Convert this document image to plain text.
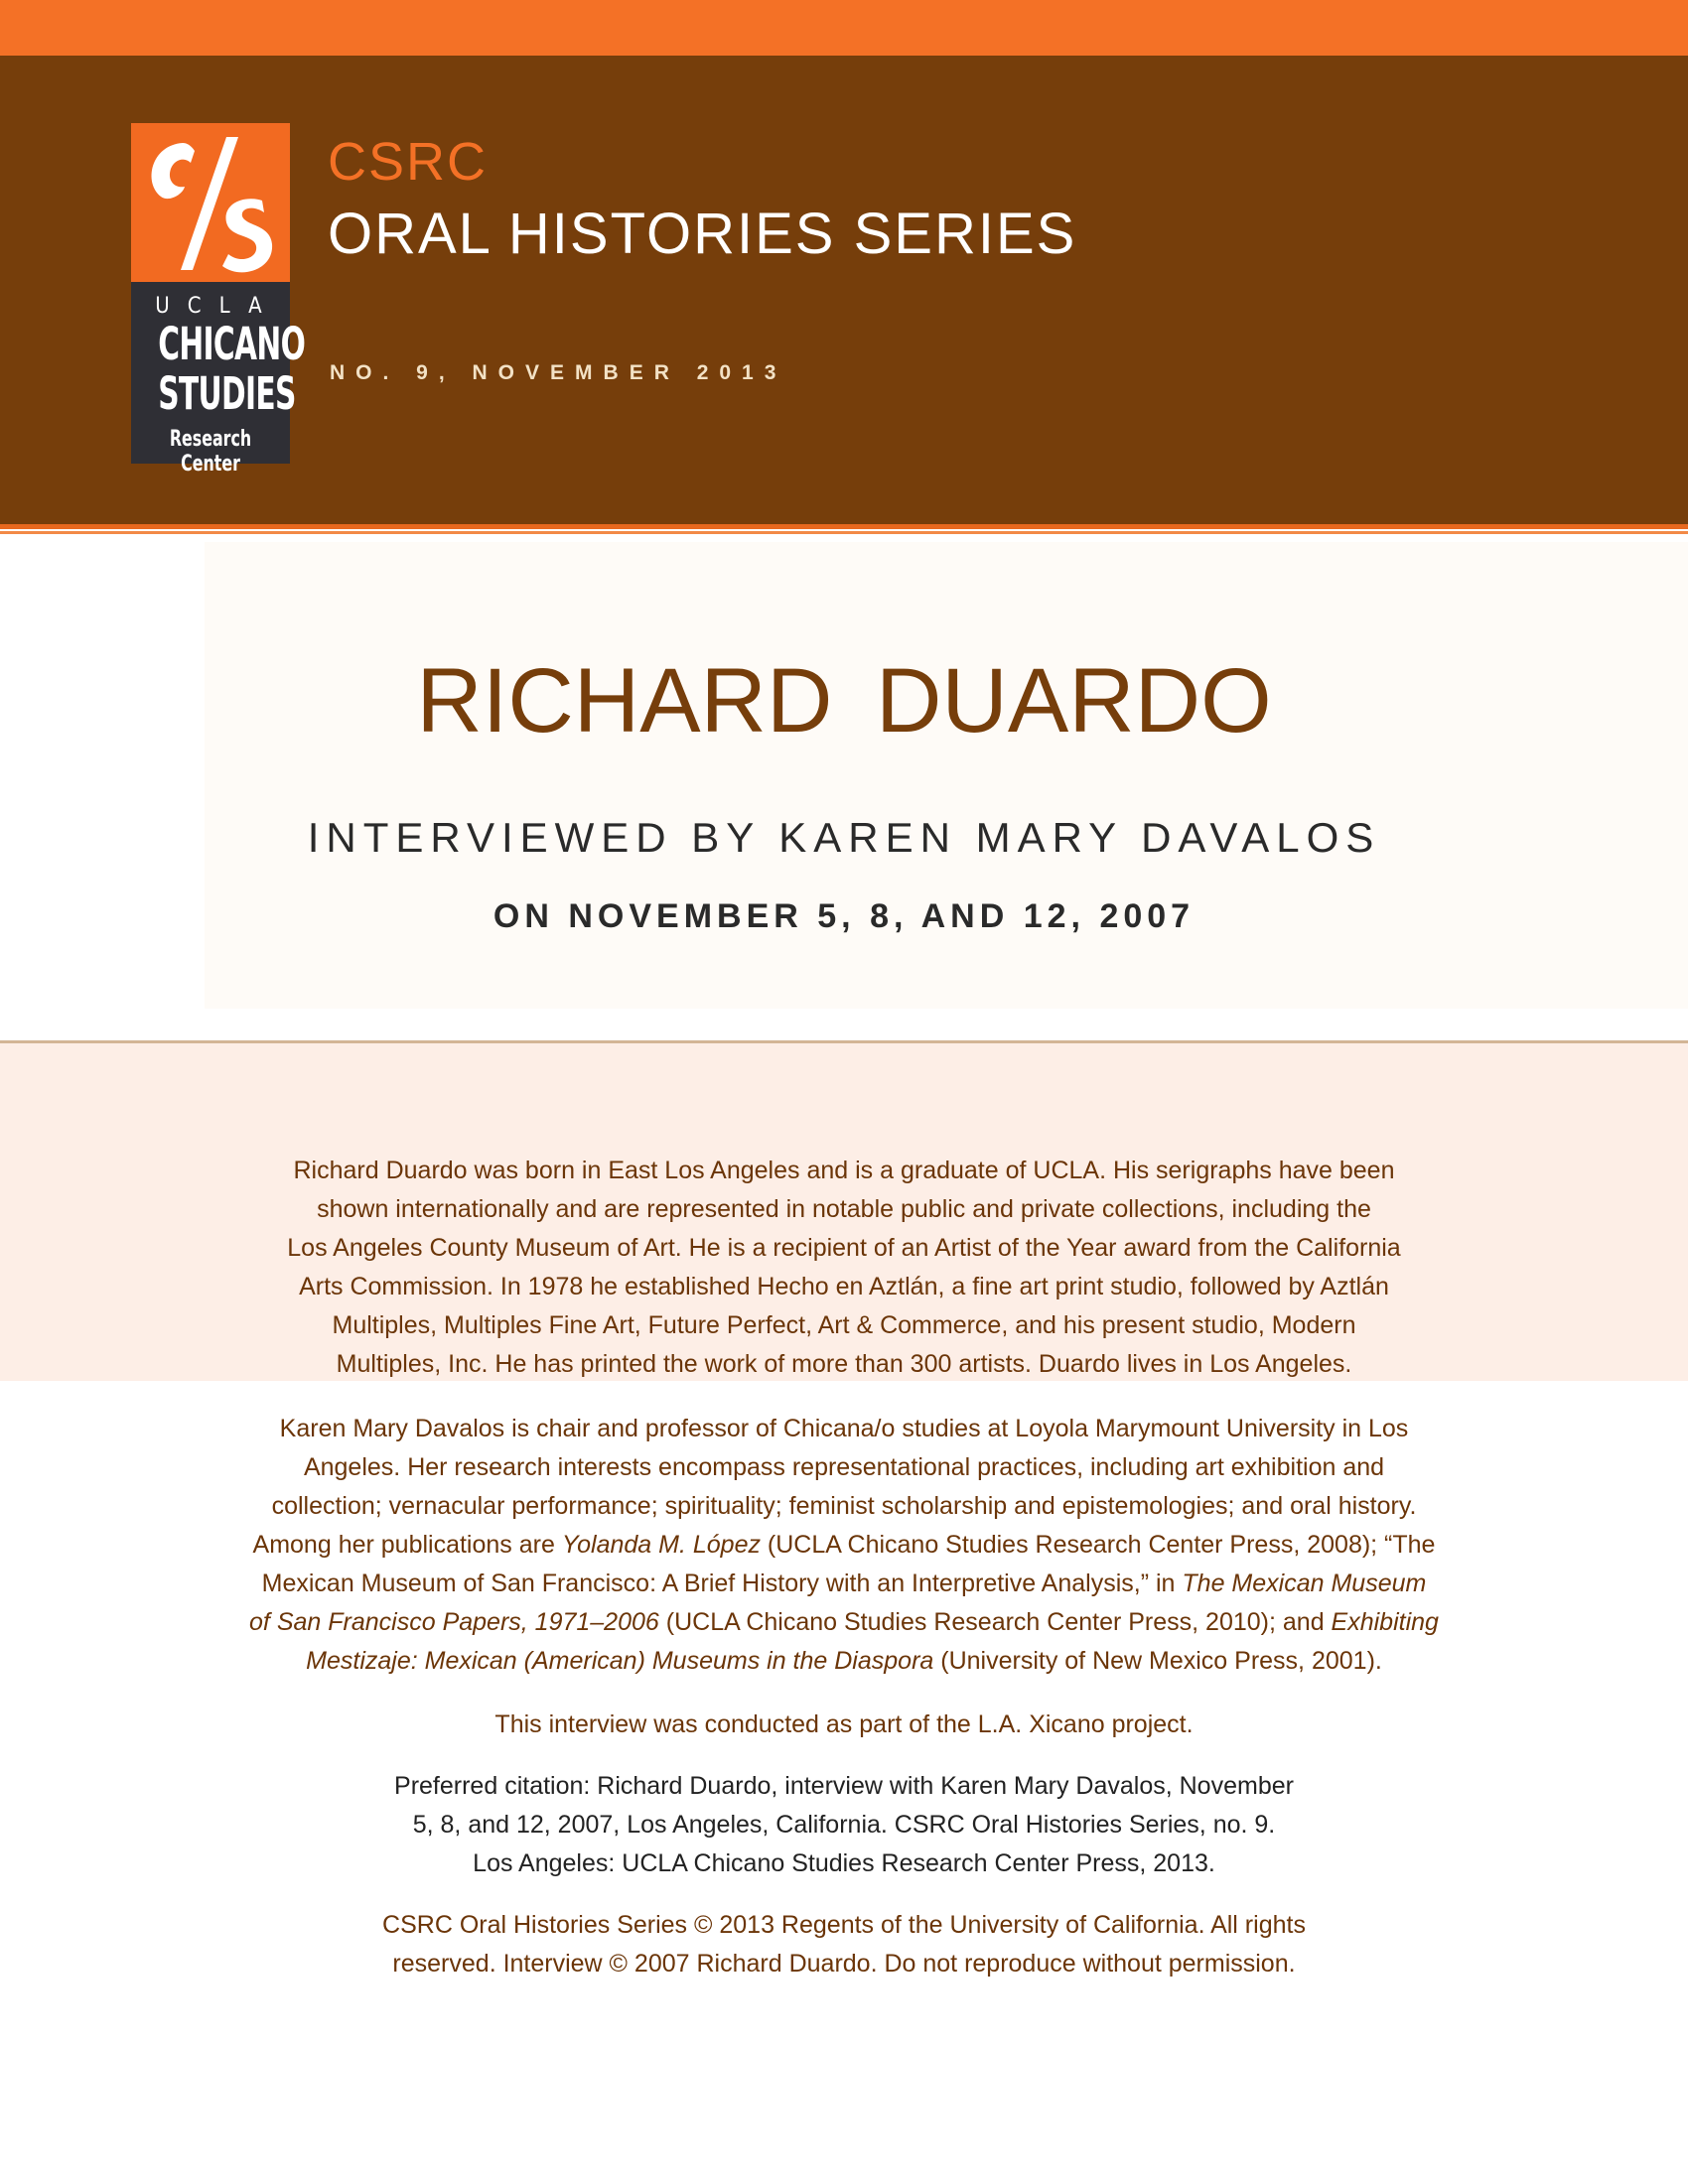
UCLA
CHICANO
STUDIES
Research Center
CSRC
ORAL HISTORIES SERIES
NO. 9, NOVEMBER 2013
RICHARD DUARDO
INTERVIEWED BY KAREN MARY DAVALOS
ON NOVEMBER 5, 8, AND 12, 2007
Richard Duardo was born in East Los Angeles and is a graduate of UCLA. His serigraphs have been
shown internationally and are represented in notable public and private collections, including the
Los Angeles County Museum of Art. He is a recipient of an Artist of the Year award from the California
Arts Commission. In 1978 he established Hecho en Aztlán, a fine art print studio, followed by Aztlán
Multiples, Multiples Fine Art, Future Perfect, Art & Commerce, and his present studio, Modern
Multiples, Inc. He has printed the work of more than 300 artists. Duardo lives in Los Angeles.
Karen Mary Davalos is chair and professor of Chicana/o studies at Loyola Marymount University in Los
Angeles. Her research interests encompass representational practices, including art exhibition and
collection; vernacular performance; spirituality; feminist scholarship and epistemologies; and oral history.
Among her publications are Yolanda M. López (UCLA Chicano Studies Research Center Press, 2008); “The
Mexican Museum of San Francisco: A Brief History with an Interpretive Analysis,” in The Mexican Museum
of San Francisco Papers, 1971–2006 (UCLA Chicano Studies Research Center Press, 2010); and Exhibiting
Mestizaje: Mexican (American) Museums in the Diaspora (University of New Mexico Press, 2001).
This interview was conducted as part of the L.A. Xicano project.
Preferred citation: Richard Duardo, interview with Karen Mary Davalos, November
5, 8, and 12, 2007, Los Angeles, California. CSRC Oral Histories Series, no. 9.
Los Angeles: UCLA Chicano Studies Research Center Press, 2013.
CSRC Oral Histories Series © 2013 Regents of the University of California. All rights
reserved. Interview © 2007 Richard Duardo. Do not reproduce without permission.
